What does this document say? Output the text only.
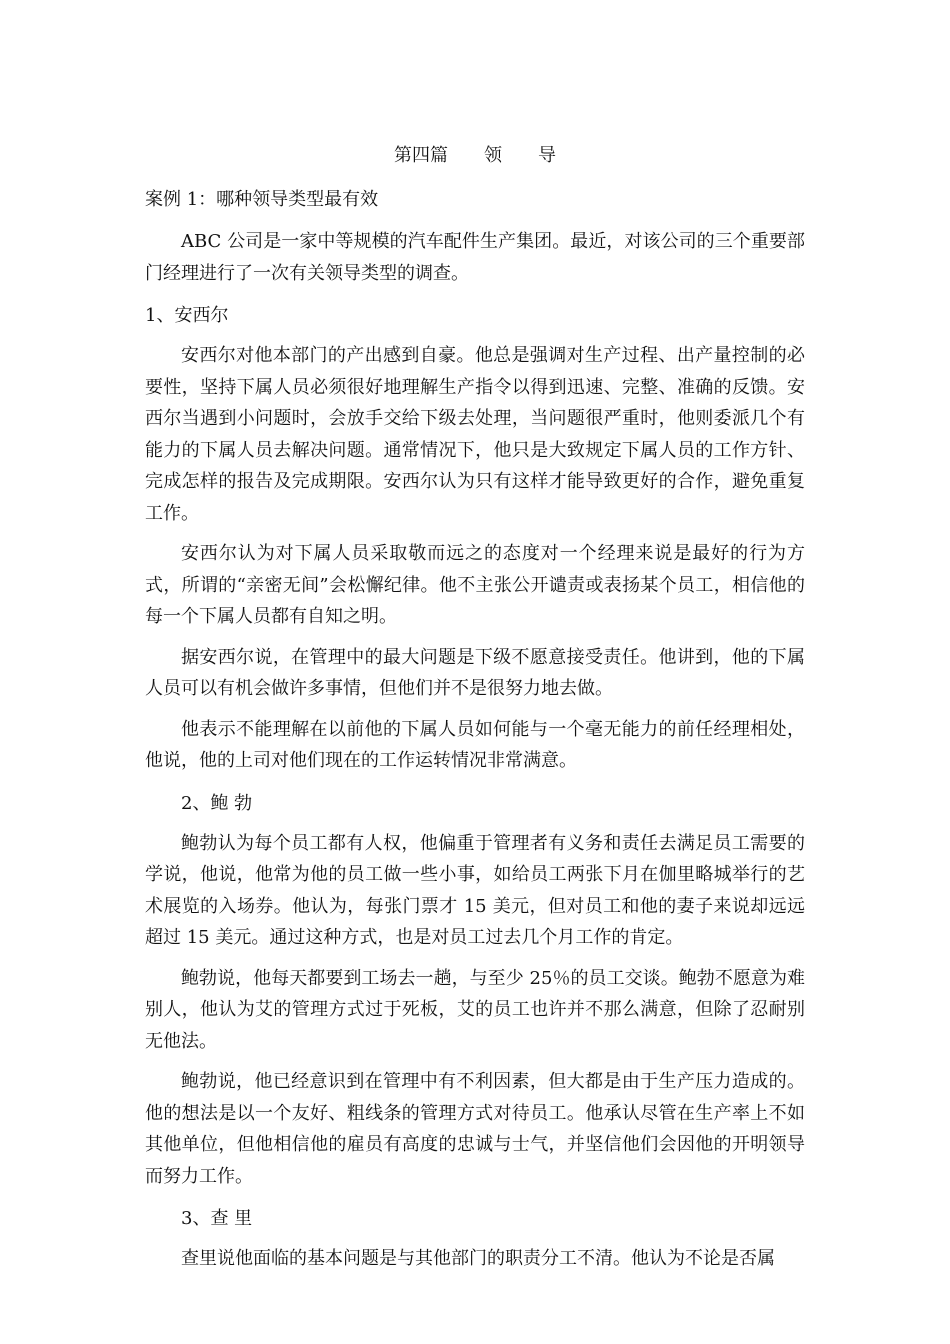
第四篇　　领　　导
案例 1：哪种领导类型最有效

ABC 公司是一家中等规模的汽车配件生产集团。最近，对该公司的三个重要部门经理进行了一次有关领导类型的调查。

1、安西尔

安西尔对他本部门的产出感到自豪。他总是强调对生产过程、出产量控制的必要性，坚持下属人员必须很好地理解生产指令以得到迅速、完整、准确的反馈。安西尔当遇到小问题时，会放手交给下级去处理，当问题很严重时，他则委派几个有能力的下属人员去解决问题。通常情况下，他只是大致规定下属人员的工作方针、完成怎样的报告及完成期限。安西尔认为只有这样才能导致更好的合作，避免重复工作。

安西尔认为对下属人员采取敬而远之的态度对一个经理来说是最好的行为方式，所谓的“亲密无间”会松懈纪律。他不主张公开谴责或表扬某个员工，相信他的每一个下属人员都有自知之明。

据安西尔说，在管理中的最大问题是下级不愿意接受责任。他讲到，他的下属人员可以有机会做许多事情，但他们并不是很努力地去做。

他表示不能理解在以前他的下属人员如何能与一个毫无能力的前任经理相处，他说，他的上司对他们现在的工作运转情况非常满意。

2、鲍 勃

鲍勃认为每个员工都有人权，他偏重于管理者有义务和责任去满足员工需要的学说，他说，他常为他的员工做一些小事，如给员工两张下月在伽里略城举行的艺术展览的入场券。他认为，每张门票才 15 美元，但对员工和他的妻子来说却远远超过 15 美元。通过这种方式，也是对员工过去几个月工作的肯定。

鲍勃说，他每天都要到工场去一趟，与至少 25％的员工交谈。鲍勃不愿意为难别人，他认为艾的管理方式过于死板，艾的员工也许并不那么满意，但除了忍耐别无他法。

鲍勃说，他已经意识到在管理中有不利因素，但大都是由于生产压力造成的。他的想法是以一个友好、粗线条的管理方式对待员工。他承认尽管在生产率上不如其他单位，但他相信他的雇员有高度的忠诚与士气，并坚信他们会因他的开明领导而努力工作。

3、查 里

查里说他面临的基本问题是与其他部门的职责分工不清。他认为不论是否属
